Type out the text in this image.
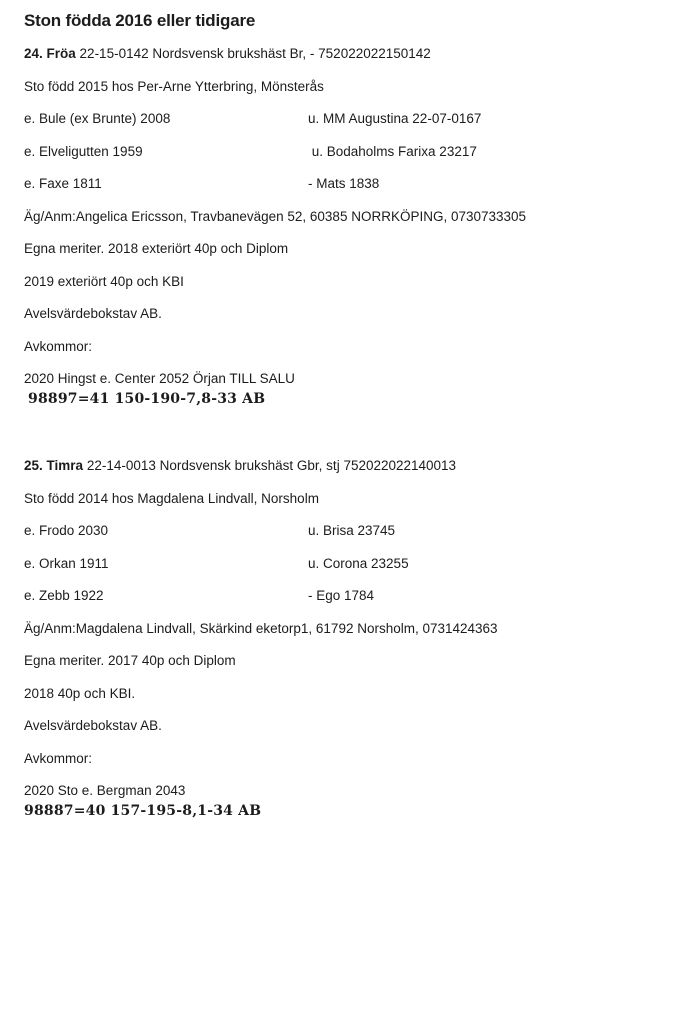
Ston födda 2016 eller tidigare

24. Fröa 22-15-0142 Nordsvensk brukshäst Br, - 752022022150142

Sto född 2015 hos Per-Arne Ytterbring, Mönsterås

e. Bule (ex Brunte) 2008	u. MM Augustina 22-07-0167
e. Elveligutten 1959	u. Bodaholms Farixa 23217
e. Faxe 1811	- Mats 1838

Äg/Anm:Angelica Ericsson, Travbanevägen 52, 60385 NORRKÖPING, 0730733305

Egna meriter. 2018 exteriört 40p och Diplom

2019 exteriört 40p och KBI

Avelsvärdebokstav AB.

Avkommor:

2020 Hingst e. Center 2052 Örjan TILL SALU

98897=41 150-190-7,8-33 AB

25. Timra 22-14-0013 Nordsvensk brukshäst Gbr, stj 752022022140013

Sto född 2014 hos Magdalena Lindvall, Norsholm

e. Frodo 2030	u. Brisa 23745
e. Orkan 1911	u. Corona 23255
e. Zebb 1922	- Ego 1784

Äg/Anm:Magdalena Lindvall, Skärkind eketorp1, 61792 Norsholm, 0731424363

Egna meriter. 2017 40p och Diplom

2018 40p och KBI.

Avelsvärdebokstav AB.

Avkommor:

2020 Sto e. Bergman 2043

98887=40 157-195-8,1-34 AB
